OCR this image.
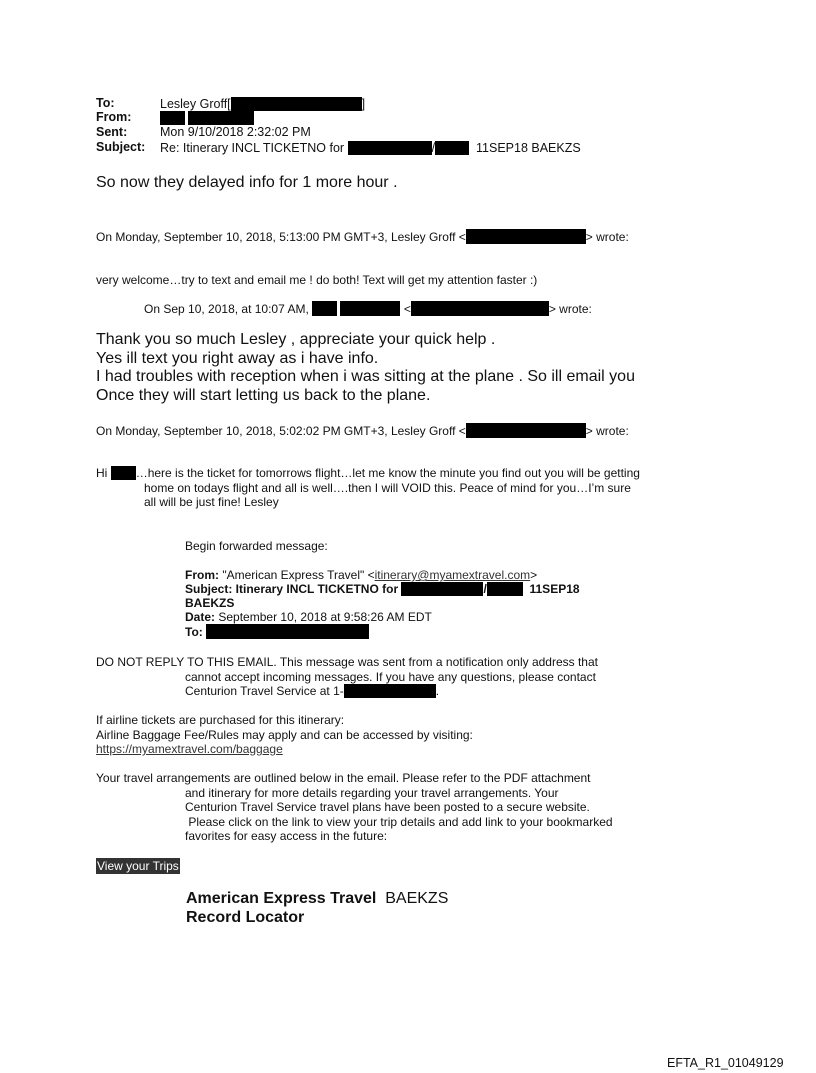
To:	Lesley Groff[	]
From:

Sent:	Mon 9/10/2018 2:32:02 PM
Subject: Re: Itinerary INCL TICKETNO for	/	11SEP18 BAEKZS
So now they delayed info for 1 more hour .
On Monday, September 10, 2018, 5:13:00 PM GMT+3, Lesley Groff <	> wrote:
very welcome…try to text and email me ! do both! Text will get my attention faster :)
On Sep 10, 2018, at 10:07 AM,	<	> wrote:
Thank you so much Lesley , appreciate your quick help .
Yes ill text you right away as i have info.
I had troubles with reception when i was sitting at the plane . So ill email you
Once they will start letting us back to the plane.
On Monday, September 10, 2018, 5:02:02 PM GMT+3, Lesley Groff <	> wrote:
Hi …here is the ticket for tomorrows flight…let me know the minute you find out you will be getting
home on todays flight and all is well….then I will VOID this. Peace of mind for you…I’m sure
all will be just fine! Lesley
Begin forwarded message:
From: "American Express Travel" <itinerary@myamextravel.com>
Subject: Itinerary INCL TICKETNO for	/	11SEP18
BAEKZS
Date: September 10, 2018 at 9:58:26 AM EDT
To:
DO NOT REPLY TO THIS EMAIL. This message was sent from a notification only address that
cannot accept incoming messages. If you have any questions, please contact
Centurion Travel Service at 1-	.
If airline tickets are purchased for this itinerary:
Airline Baggage Fee/Rules may apply and can be accessed by visiting:
https://myamextravel.com/baggage
Your travel arrangements are outlined below in the email. Please refer to the PDF attachment
and itinerary for more details regarding your travel arrangements. Your
Centurion Travel Service travel plans have been posted to a secure website.
Please click on the link to view your trip details and add link to your bookmarked
favorites for easy access in the future:
View your Trips
American Express Travel BAEKZS
Record Locator
EFTA_R1_01049129
